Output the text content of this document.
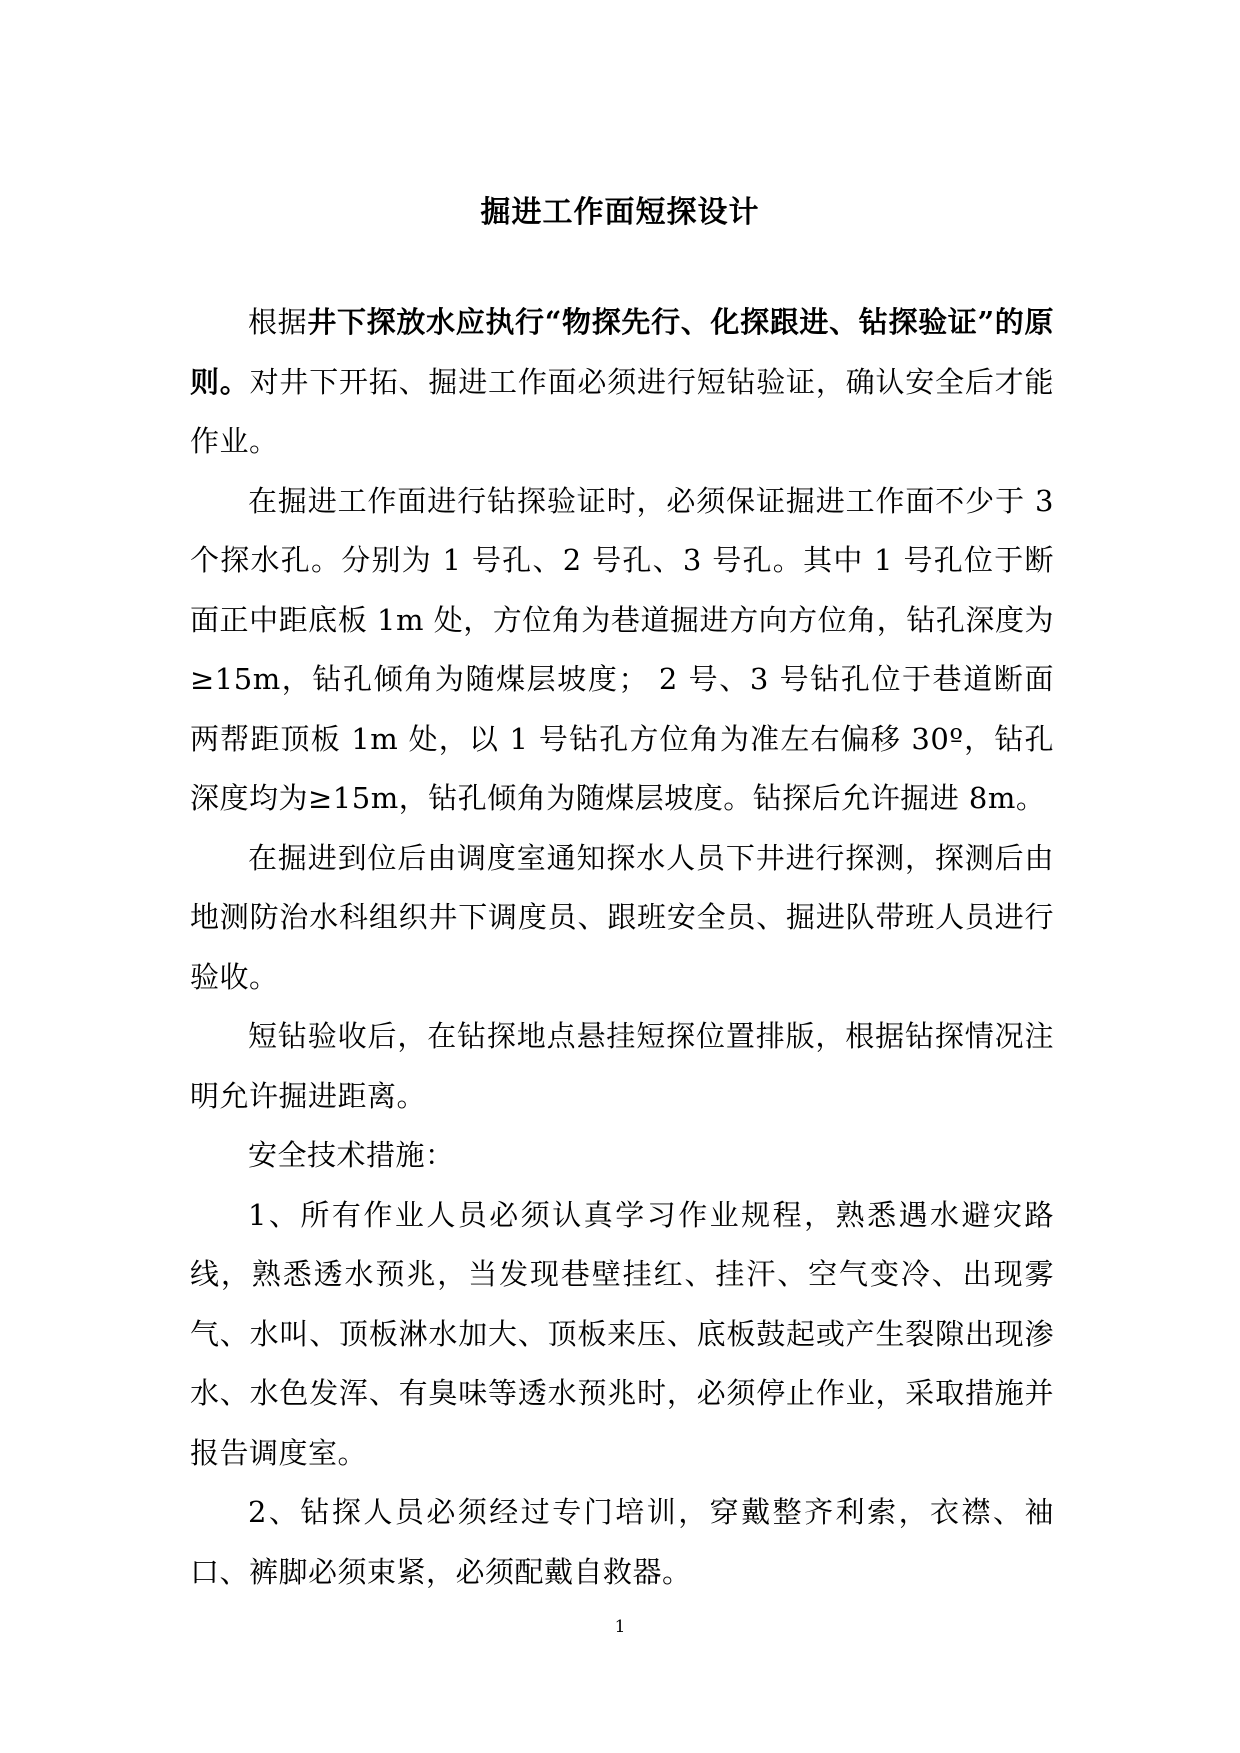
掘进工作面短探设计

根据井下探放水应执行“物探先行、化探跟进、钻探验证”的原则。对井下开拓、掘进工作面必须进行短钻验证，确认安全后才能作业。

在掘进工作面进行钻探验证时，必须保证掘进工作面不少于 3 个探水孔。分别为 1 号孔、2 号孔、3 号孔。其中 1 号孔位于断面正中距底板 1m 处，方位角为巷道掘进方向方位角，钻孔深度为≥15m，钻孔倾角为随煤层坡度； 2 号、3 号钻孔位于巷道断面两帮距顶板 1m 处，以 1 号钻孔方位角为准左右偏移 30º，钻孔深度均为≥15m，钻孔倾角为随煤层坡度。钻探后允许掘进 8m。

在掘进到位后由调度室通知探水人员下井进行探测，探测后由地测防治水科组织井下调度员、跟班安全员、掘进队带班人员进行验收。

短钻验收后，在钻探地点悬挂短探位置排版，根据钻探情况注明允许掘进距离。

安全技术措施：

1、所有作业人员必须认真学习作业规程，熟悉遇水避灾路线，熟悉透水预兆，当发现巷壁挂红、挂汗、空气变冷、出现雾气、水叫、顶板淋水加大、顶板来压、底板鼓起或产生裂隙出现渗水、水色发浑、有臭味等透水预兆时，必须停止作业，采取措施并报告调度室。

2、钻探人员必须经过专门培训，穿戴整齐利索，衣襟、袖口、裤脚必须束紧，必须配戴自救器。

1
